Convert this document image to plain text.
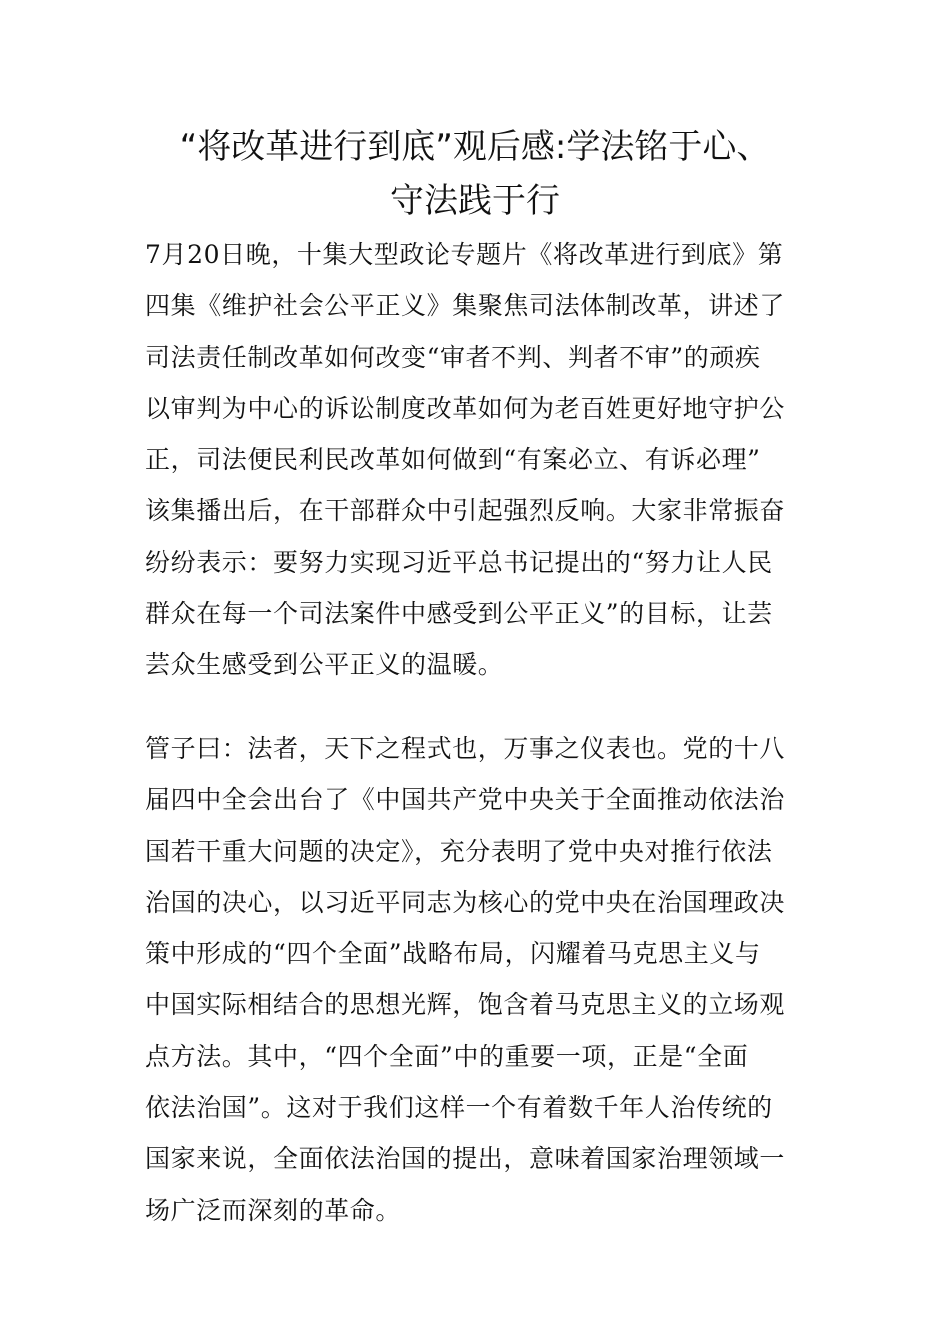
“将改革进行到底”观后感:学法铭于心、
守法践于行
7月20日晚，十集大型政论专题片《将改革进行到底》第
四集《维护社会公平正义》集聚焦司法体制改革，讲述了
司法责任制改革如何改变“审者不判、判者不审”的顽疾
以审判为中心的诉讼制度改革如何为老百姓更好地守护公
正，司法便民利民改革如何做到“有案必立、有诉必理”
该集播出后，在干部群众中引起强烈反响。大家非常振奋
纷纷表示：要努力实现习近平总书记提出的“努力让人民
群众在每一个司法案件中感受到公平正义”的目标，让芸
芸众生感受到公平正义的温暖。
管子曰：法者，天下之程式也，万事之仪表也。党的十八
届四中全会出台了《中国共产党中央关于全面推动依法治
国若干重大问题的决定》，充分表明了党中央对推行依法
治国的决心，以习近平同志为核心的党中央在治国理政决
策中形成的“四个全面”战略布局，闪耀着马克思主义与
中国实际相结合的思想光辉，饱含着马克思主义的立场观
点方法。其中，“四个全面”中的重要一项，正是“全面
依法治国”。这对于我们这样一个有着数千年人治传统的
国家来说，全面依法治国的提出，意味着国家治理领域一
场广泛而深刻的革命。
